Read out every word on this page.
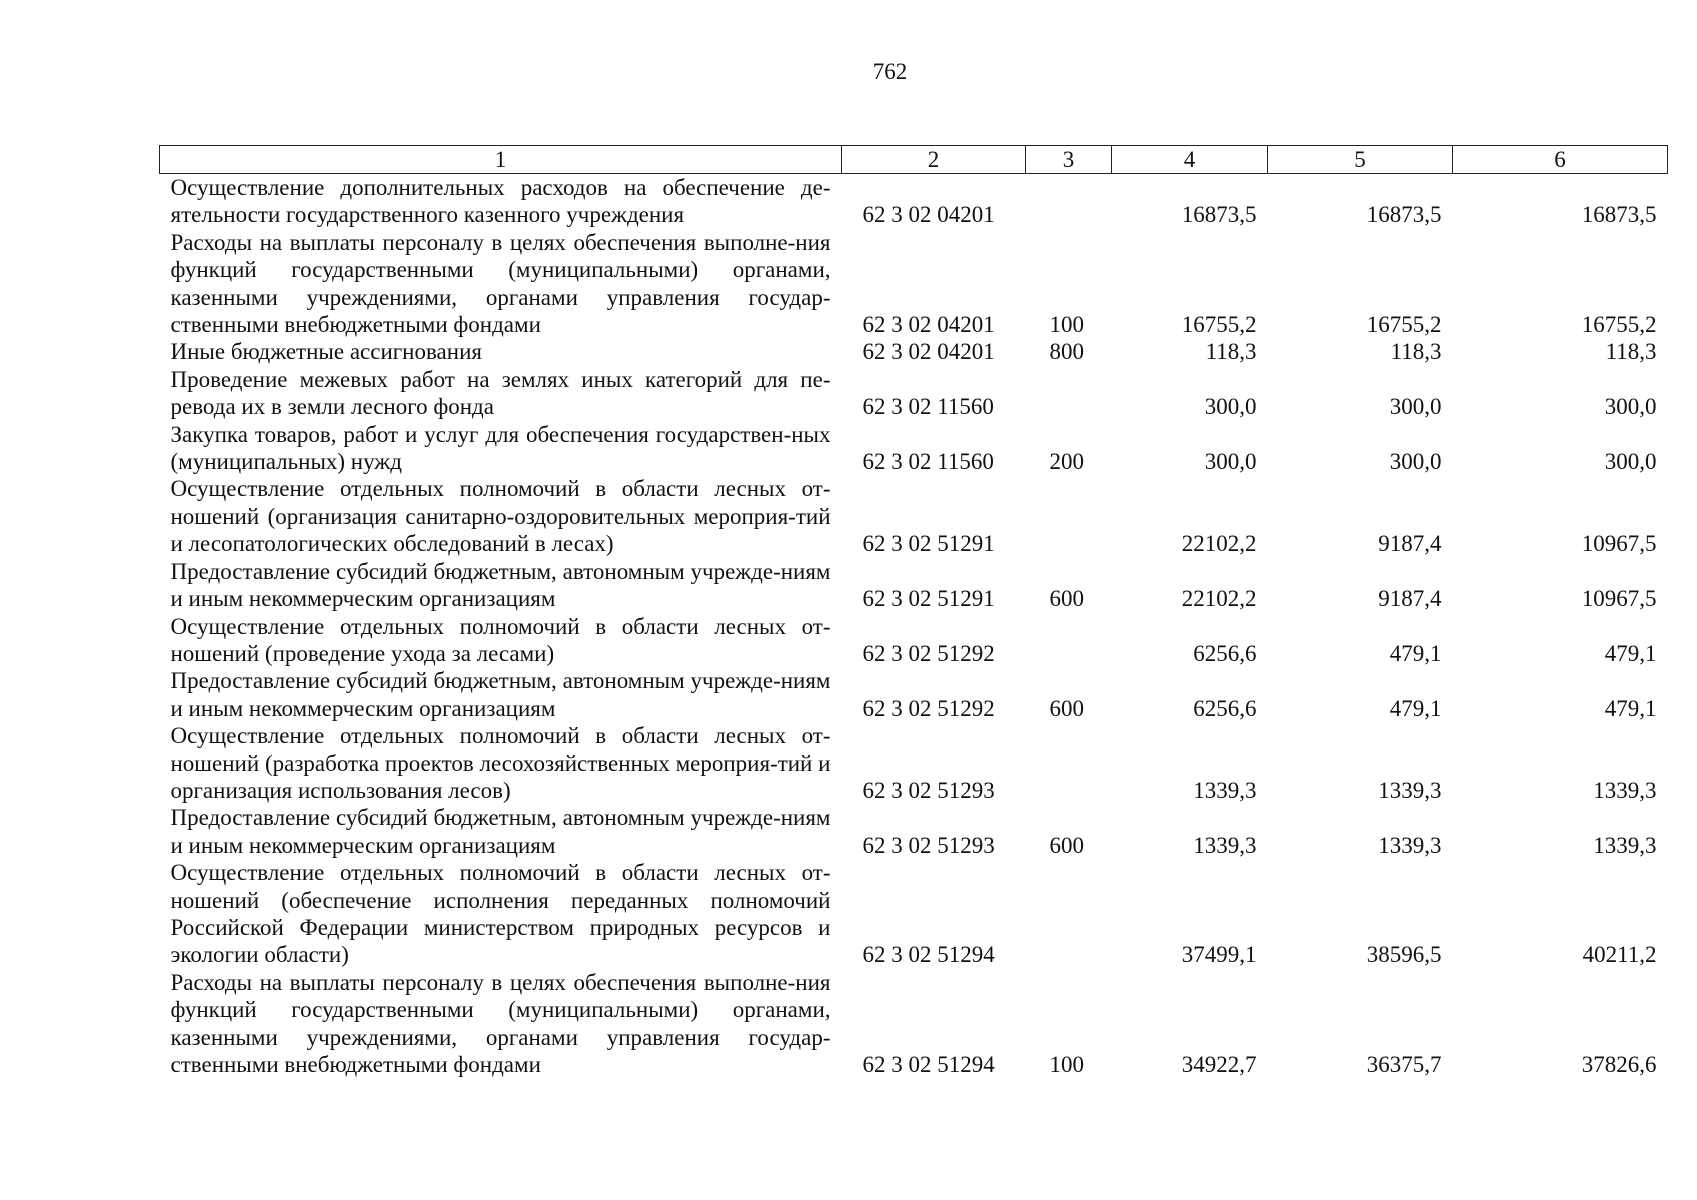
762
1	2	3	4	5	6
Осуществление дополнительных расходов на обеспечение де-ятельности государственного казенного учреждения	62 3 02 04201		16873,5	16873,5	16873,5
Расходы на выплаты персоналу в целях обеспечения выполне-ния функций государственными (муниципальными) органами, казенными учреждениями, органами управления государ-ственными внебюджетными фондами	62 3 02 04201	100	16755,2	16755,2	16755,2
Иные бюджетные ассигнования	62 3 02 04201	800	118,3	118,3	118,3
Проведение межевых работ на землях иных категорий для пе-ревода их в земли лесного фонда	62 3 02 11560		300,0	300,0	300,0
Закупка товаров, работ и услуг для обеспечения государствен-ных (муниципальных) нужд	62 3 02 11560	200	300,0	300,0	300,0
Осуществление отдельных полномочий в области лесных от-ношений (организация санитарно-оздоровительных мероприя-тий и лесопатологических обследований в лесах)	62 3 02 51291		22102,2	9187,4	10967,5
Предоставление субсидий бюджетным, автономным учрежде-ниям и иным некоммерческим организациям	62 3 02 51291	600	22102,2	9187,4	10967,5
Осуществление отдельных полномочий в области лесных от-ношений (проведение ухода за лесами)	62 3 02 51292		6256,6	479,1	479,1
Предоставление субсидий бюджетным, автономным учрежде-ниям и иным некоммерческим организациям	62 3 02 51292	600	6256,6	479,1	479,1
Осуществление отдельных полномочий в области лесных от-ношений (разработка проектов лесохозяйственных мероприя-тий и организация использования лесов)	62 3 02 51293		1339,3	1339,3	1339,3
Предоставление субсидий бюджетным, автономным учрежде-ниям и иным некоммерческим организациям	62 3 02 51293	600	1339,3	1339,3	1339,3
Осуществление отдельных полномочий в области лесных от-ношений (обеспечение исполнения переданных полномочий Российской Федерации министерством природных ресурсов и экологии области)	62 3 02 51294		37499,1	38596,5	40211,2
Расходы на выплаты персоналу в целях обеспечения выполне-ния функций государственными (муниципальными) органами, казенными учреждениями, органами управления государ-ственными внебюджетными фондами	62 3 02 51294	100	34922,7	36375,7	37826,6
